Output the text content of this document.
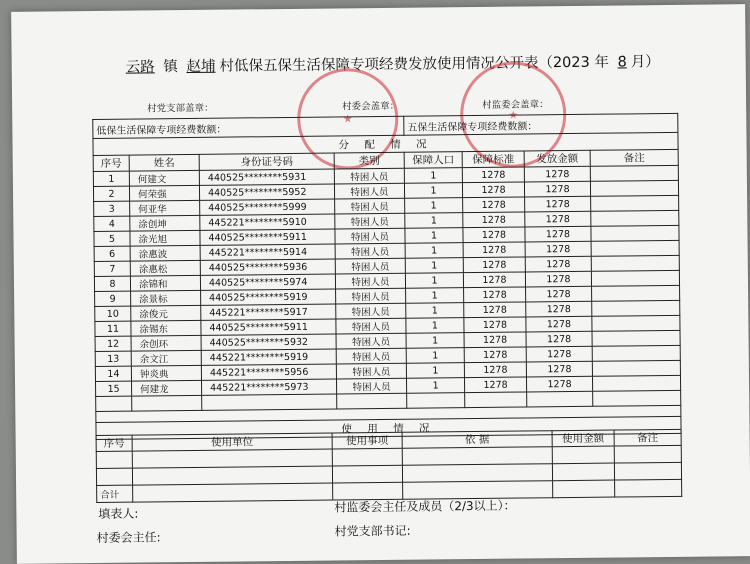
云路 镇 赵埔 村低保五保生活保障专项经费发放使用情况公开表（2023 年 8 月）
村党支部盖章：	村委会盖章：	村监委会盖章：
★	★
低保生活保障专项经费数额：				五保生活保障专项经费数额：			
分 配 情 况							
序号	姓名	身份证号码	类别	保障人口	保障标准	发放金额	备注
1	何建文	440525********5931	特困人员	1	1278	1278	
2	何荣强	440525********5952	特困人员	1	1278	1278	
3	何亚华	440525********5999	特困人员	1	1278	1278	
4	涂创坤	445221********5910	特困人员	1	1278	1278	
5	涂光旭	440525********5911	特困人员	1	1278	1278	
6	涂惠波	445221********5914	特困人员	1	1278	1278	
7	涂惠松	440525********5936	特困人员	1	1278	1278	
8	涂锦和	440525********5974	特困人员	1	1278	1278	
9	涂景标	440525********5919	特困人员	1	1278	1278	
10	涂俊元	445221********5917	特困人员	1	1278	1278	
11	涂锡东	440525********5911	特困人员	1	1278	1278	
12	余创环	440525********5932	特困人员	1	1278	1278	
13	余文江	445221********5919	特困人员	1	1278	1278	
14	钟炎典	445221********5956	特困人员	1	1278	1278	
15	何建龙	445221********5973	特困人员	1	1278	1278	

使 用 情 况							
序号	使用单位	使用事项	依 据	使用金额	备注

合计					
填表人:	村监委会主任及成员（2/3以上）：
村委会主任:	村党支部书记:
